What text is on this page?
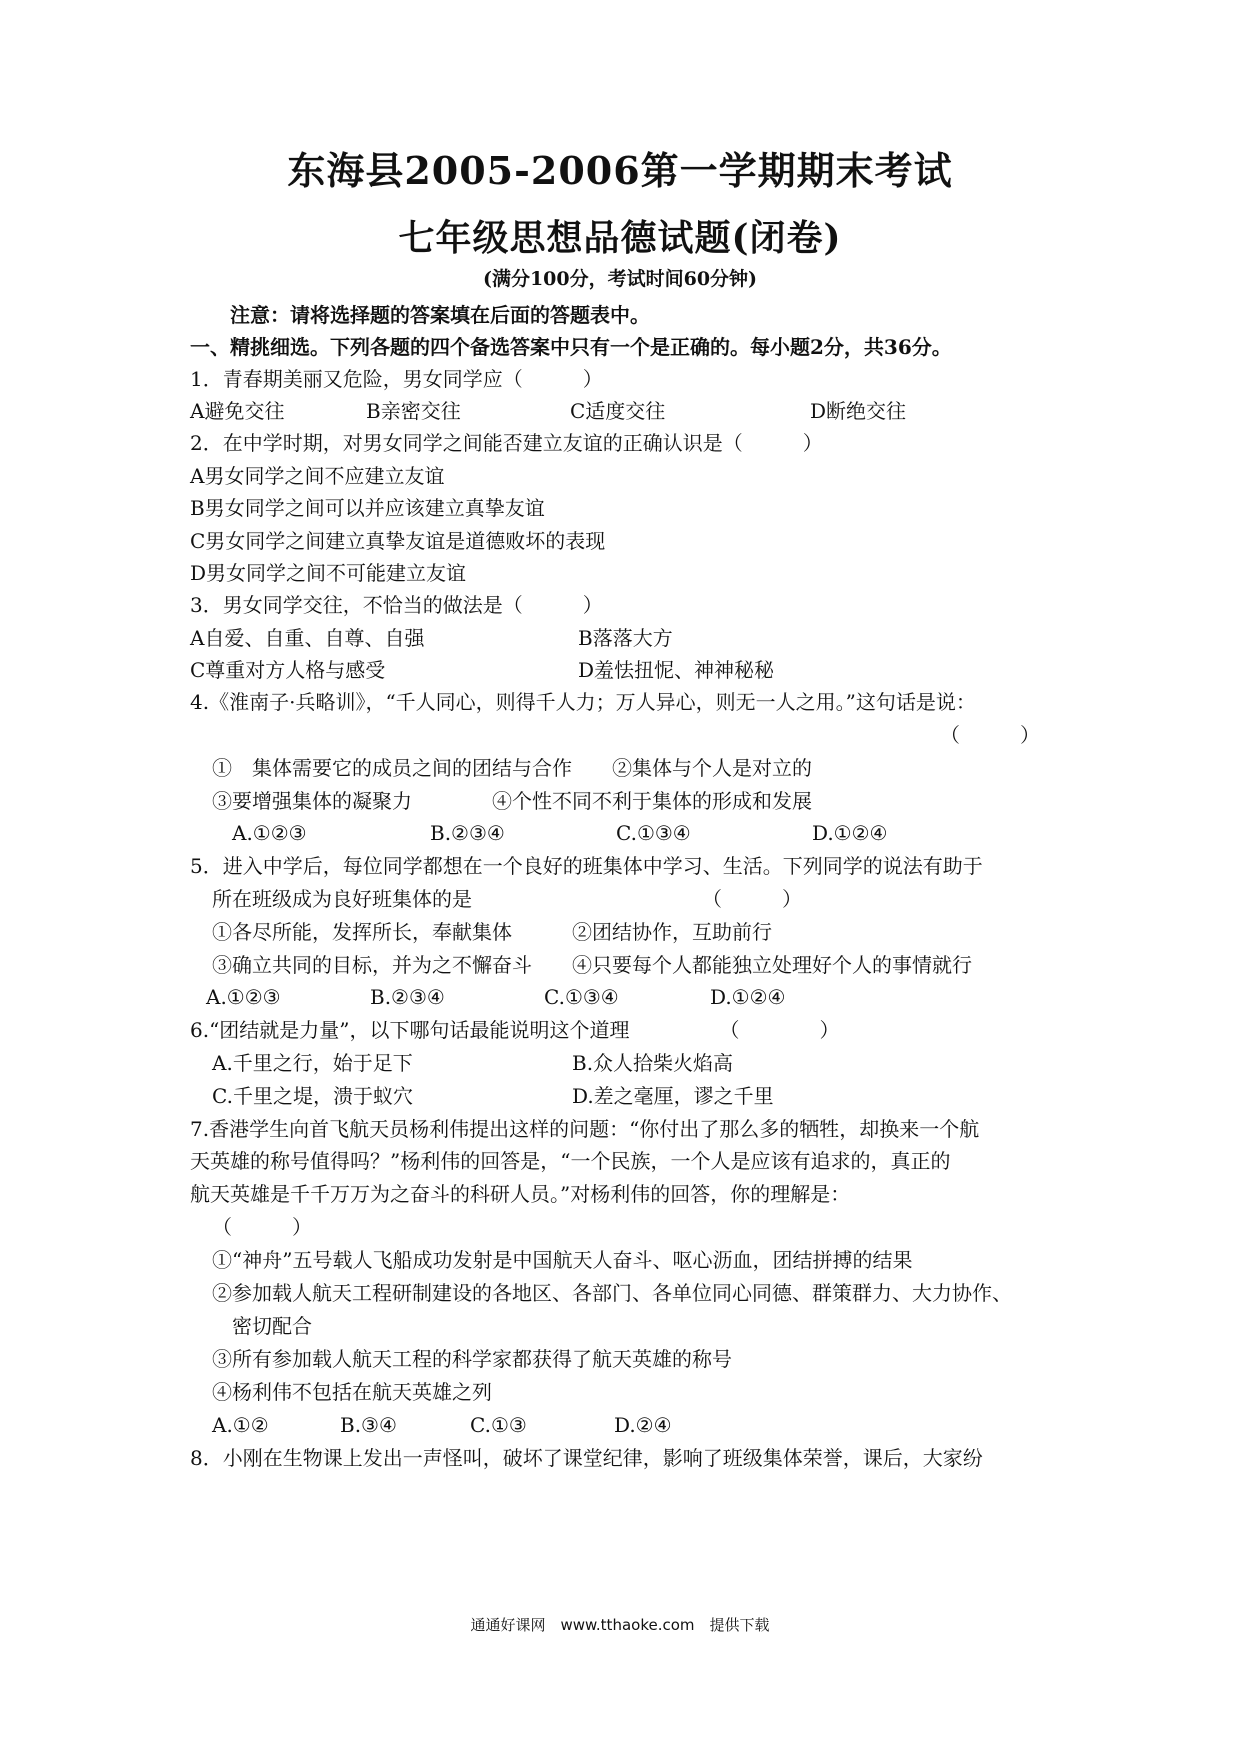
东海县2005-2006第一学期期末考试
七年级思想品德试题(闭卷)
(满分100分，考试时间60分钟)
注意：请将选择题的答案填在后面的答题表中。
一、精挑细选。下列各题的四个备选答案中只有一个是正确的。每小题2分，共36分。
1．青春期美丽又危险，男女同学应（　　　）
A避免交往	B亲密交往	C适度交往	D断绝交往
2．在中学时期，对男女同学之间能否建立友谊的正确认识是（　　　）
A男女同学之间不应建立友谊
B男女同学之间可以并应该建立真挚友谊
C男女同学之间建立真挚友谊是道德败坏的表现
D男女同学之间不可能建立友谊
3．男女同学交往，不恰当的做法是（　　　）
A自爱、自重、自尊、自强	B落落大方
C尊重对方人格与感受	D羞怯扭怩、神神秘秘
4.《淮南子·兵略训》，“千人同心，则得千人力；万人异心，则无一人之用。”这句话是说：
（　　　）
①　集体需要它的成员之间的团结与合作　　②集体与个人是对立的
③要增强集体的凝聚力　　　　④个性不同不利于集体的形成和发展
A.①②③	B.②③④	C.①③④	D.①②④
5．进入中学后，每位同学都想在一个良好的班集体中学习、生活。下列同学的说法有助于
所在班级成为良好班集体的是　　　　　　　　　　　　（　　　）
①各尽所能，发挥所长，奉献集体　　　②团结协作，互助前行
③确立共同的目标，并为之不懈奋斗　　④只要每个人都能独立处理好个人的事情就行
A.①②③	B.②③④	C.①③④	D.①②④
6.“团结就是力量”，以下哪句话最能说明这个道理　　　　　（　　　　）
A.千里之行，始于足下	B.众人拾柴火焰高
C.千里之堤，溃于蚁穴	D.差之毫厘，谬之千里
7.香港学生向首飞航天员杨利伟提出这样的问题：“你付出了那么多的牺牲，却换来一个航
天英雄的称号值得吗？”杨利伟的回答是，“一个民族，一个人是应该有追求的，真正的
航天英雄是千千万万为之奋斗的科研人员。”对杨利伟的回答，你的理解是：
（　　　）
①“神舟”五号载人飞船成功发射是中国航天人奋斗、呕心沥血，团结拼搏的结果
②参加载人航天工程研制建设的各地区、各部门、各单位同心同德、群策群力、大力协作、
密切配合
③所有参加载人航天工程的科学家都获得了航天英雄的称号
④杨利伟不包括在航天英雄之列
A.①②	B.③④	C.①③	D.②④
8．小刚在生物课上发出一声怪叫，破坏了课堂纪律，影响了班级集体荣誉，课后，大家纷
通通好课网　www.tthaoke.com　提供下载
